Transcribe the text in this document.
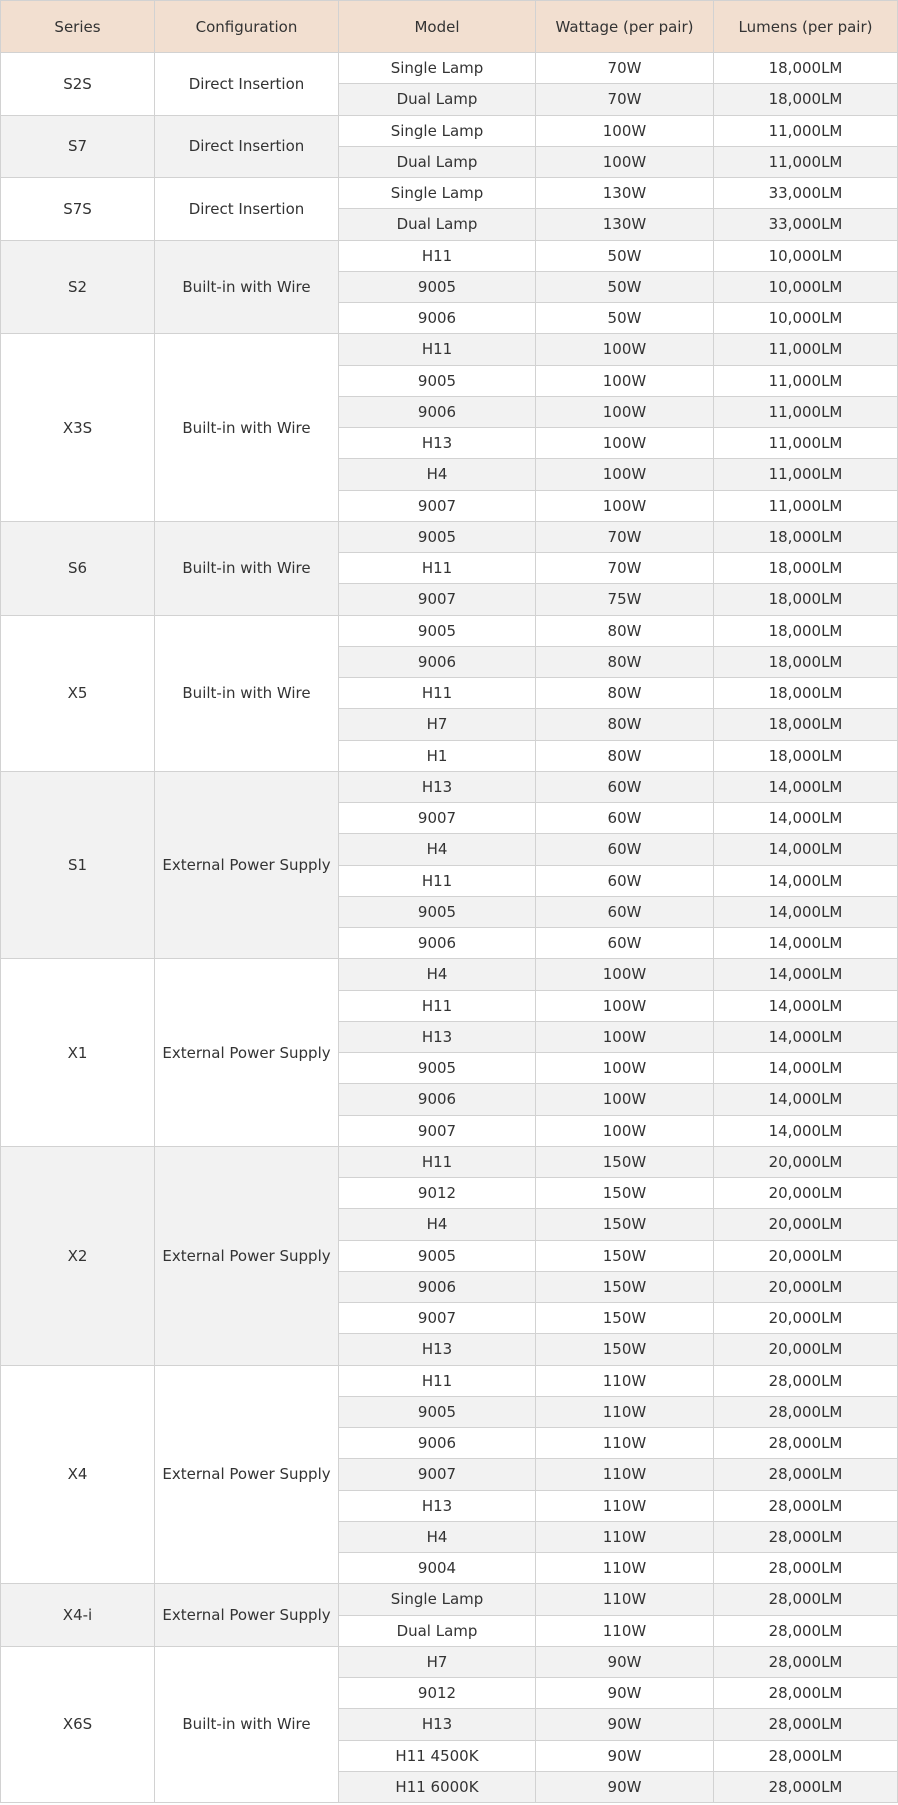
Series	Configuration	Model	Wattage (per pair)	Lumens (per pair)
S2S	Direct Insertion	Single Lamp	70W	18,000LM
		Dual Lamp	70W	18,000LM
S7	Direct Insertion	Single Lamp	100W	11,000LM
		Dual Lamp	100W	11,000LM
S7S	Direct Insertion	Single Lamp	130W	33,000LM
		Dual Lamp	130W	33,000LM
S2	Built-in with Wire	H11	50W	10,000LM
		9005	50W	10,000LM
		9006	50W	10,000LM
X3S	Built-in with Wire	H11	100W	11,000LM
		9005	100W	11,000LM
		9006	100W	11,000LM
		H13	100W	11,000LM
		H4	100W	11,000LM
		9007	100W	11,000LM
S6	Built-in with Wire	9005	70W	18,000LM
		H11	70W	18,000LM
		9007	75W	18,000LM
X5	Built-in with Wire	9005	80W	18,000LM
		9006	80W	18,000LM
		H11	80W	18,000LM
		H7	80W	18,000LM
		H1	80W	18,000LM
S1	External Power Supply	H13	60W	14,000LM
		9007	60W	14,000LM
		H4	60W	14,000LM
		H11	60W	14,000LM
		9005	60W	14,000LM
		9006	60W	14,000LM
X1	External Power Supply	H4	100W	14,000LM
		H11	100W	14,000LM
		H13	100W	14,000LM
		9005	100W	14,000LM
		9006	100W	14,000LM
		9007	100W	14,000LM
X2	External Power Supply	H11	150W	20,000LM
		9012	150W	20,000LM
		H4	150W	20,000LM
		9005	150W	20,000LM
		9006	150W	20,000LM
		9007	150W	20,000LM
		H13	150W	20,000LM
X4	External Power Supply	H11	110W	28,000LM
		9005	110W	28,000LM
		9006	110W	28,000LM
		9007	110W	28,000LM
		H13	110W	28,000LM
		H4	110W	28,000LM
		9004	110W	28,000LM
X4-i	External Power Supply	Single Lamp	110W	28,000LM
		Dual Lamp	110W	28,000LM
X6S	Built-in with Wire	H7	90W	28,000LM
		9012	90W	28,000LM
		H13	90W	28,000LM
		H11 4500K	90W	28,000LM
		H11 6000K	90W	28,000LM
